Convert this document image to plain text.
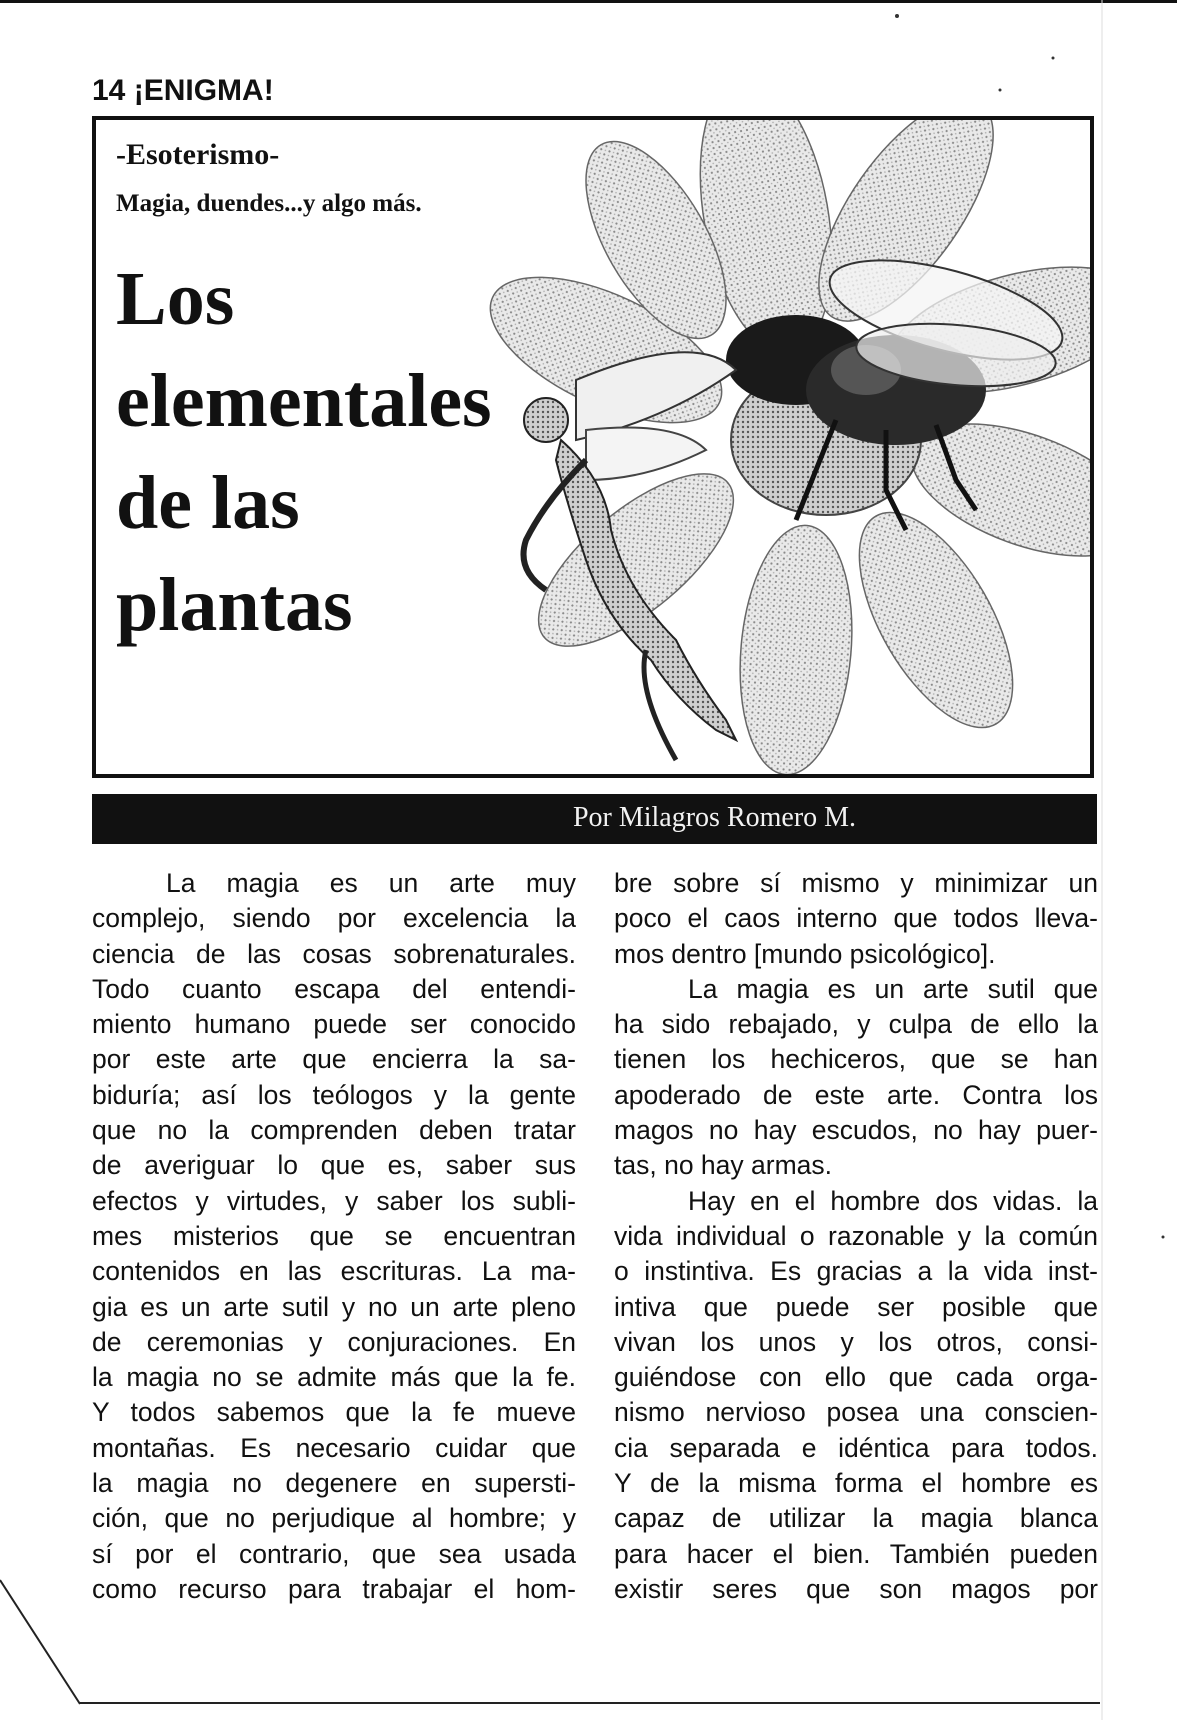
14 ¡ENIGMA!
-Esoterismo-
Magia, duendes...y algo más.
Los
elementales
de las
plantas
Por Milagros Romero M.
La magia es un arte muy
complejo, siendo por excelencia la
ciencia de las cosas sobrenaturales.
Todo cuanto escapa del entendi-
miento humano puede ser conocido
por este arte que encierra la sa-
biduría; así los teólogos y la gente
que no la comprenden deben tratar
de averiguar lo que es, saber sus
efectos y virtudes, y saber los subli-
mes misterios que se encuentran
contenidos en las escrituras. La ma-
gia es un arte sutil y no un arte pleno
de ceremonias y conjuraciones. En
la magia no se admite más que la fe.
Y todos sabemos que la fe mueve
montañas. Es necesario cuidar que
la magia no degenere en supersti-
ción, que no perjudique al hombre; y
sí por el contrario, que sea usada
como recurso para trabajar el hom-
bre sobre sí mismo y minimizar un
poco el caos interno que todos lleva-
mos dentro [mundo psicológico].
La magia es un arte sutil que
ha sido rebajado, y culpa de ello la
tienen los hechiceros, que se han
apoderado de este arte. Contra los
magos no hay escudos, no hay puer-
tas, no hay armas.
Hay en el hombre dos vidas. la
vida individual o razonable y la común
o instintiva. Es gracias a la vida inst-
intiva que puede ser posible que
vivan los unos y los otros, consi-
guiéndose con ello que cada orga-
nismo nervioso posea una conscien-
cia separada e idéntica para todos.
Y de la misma forma el hombre es
capaz de utilizar la magia blanca
para hacer el bien. También pueden
existir seres que son magos por
